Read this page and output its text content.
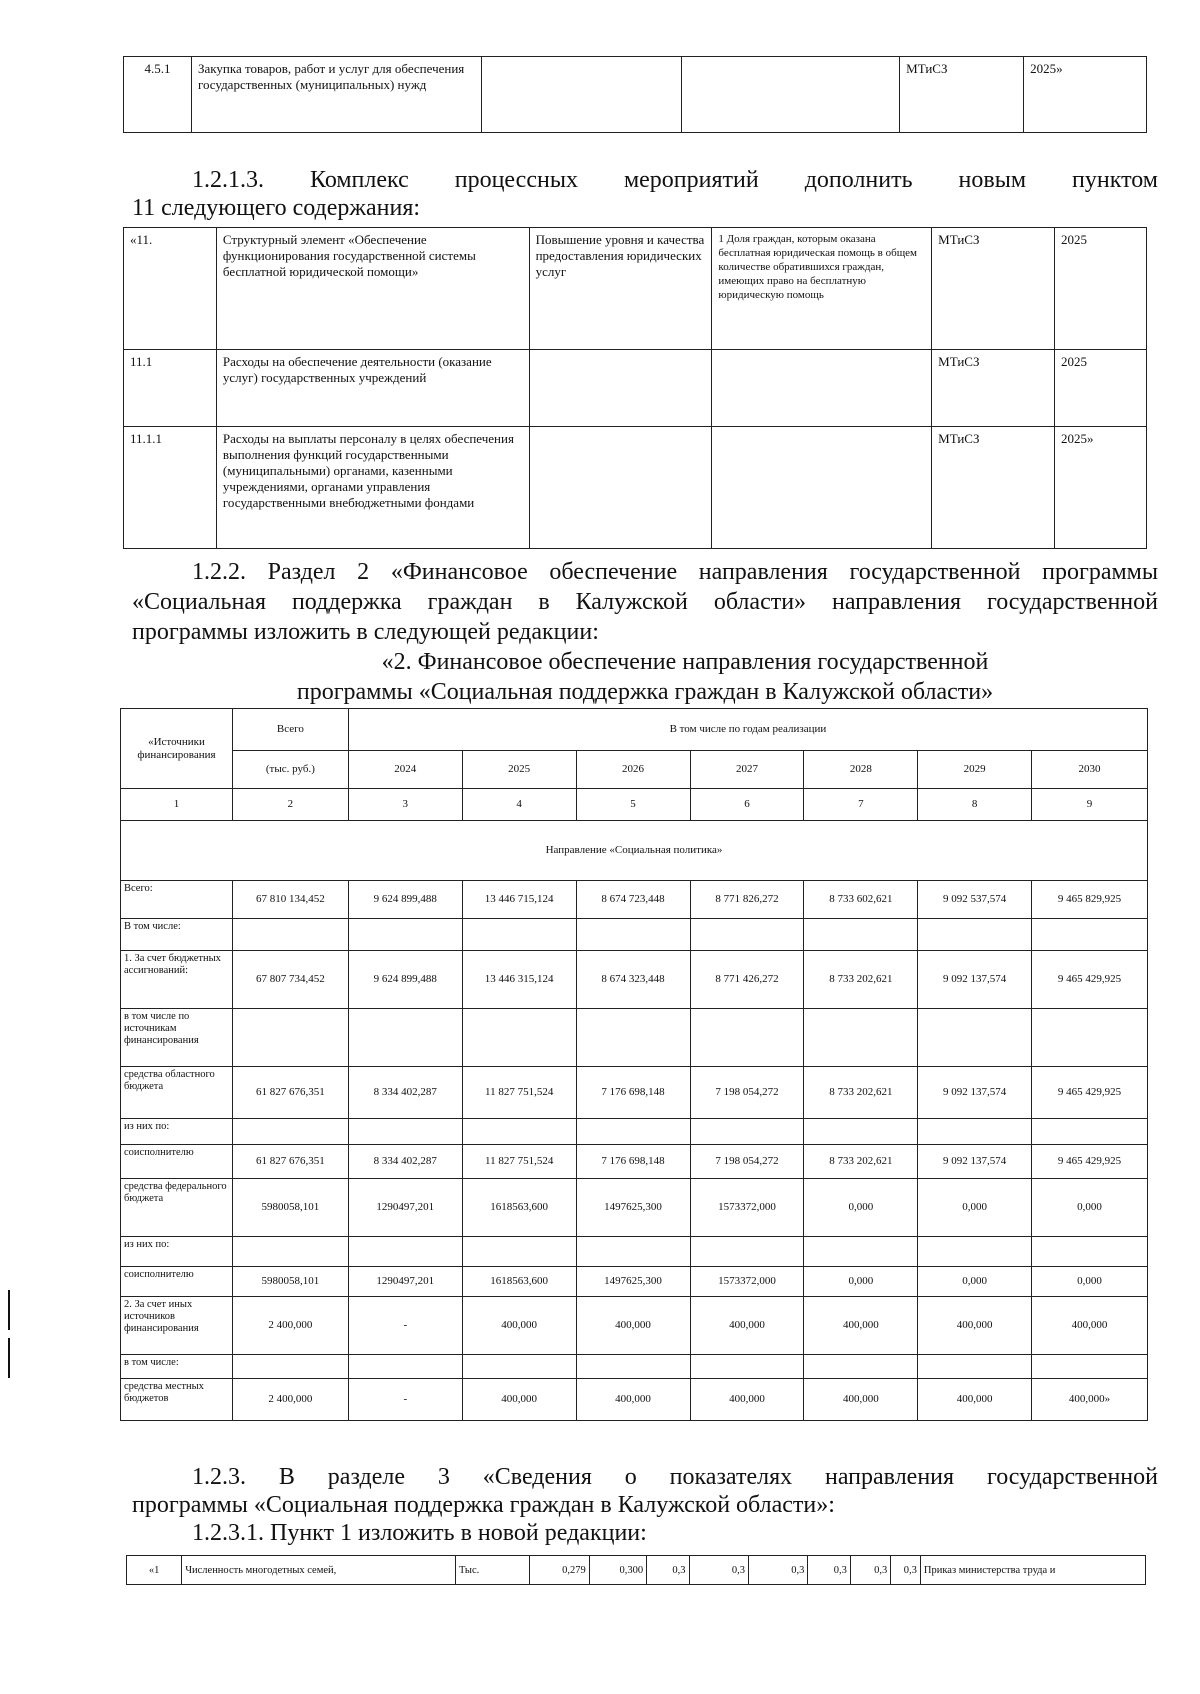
4.5.1	Закупка товаров, работ и услуг для обеспечения государственных (муниципальных) нужд			МТиСЗ	2025»

1.2.1.3. Комплекс процессных мероприятий дополнить новым пунктом

11 следующего содержания:

«11.	Структурный элемент «Обеспечение функционирования государственной системы бесплатной юридической помощи»	Повышение уровня и качества предоставления юридических услуг	1 Доля граждан, которым оказана бесплатная юридическая помощь в общем количестве обратившихся граждан, имеющих право на бесплатную юридическую помощь	МТиСЗ	2025
11.1	Расходы на обеспечение деятельности (оказание услуг) государственных учреждений			МТиСЗ	2025
11.1.1	Расходы на выплаты персоналу в целях обеспечения выполнения функций государственными (муниципальными) органами, казенными учреждениями, органами управления государственными внебюджетными фондами			МТиСЗ	2025»

1.2.2. Раздел 2 «Финансовое обеспечение направления государственной программы

«Социальная поддержка граждан в Калужской области» направления государственной

программы изложить в следующей редакции:

«2. Финансовое обеспечение направления государственной

программы «Социальная поддержка граждан в Калужской области»

«Источники финансирования	Всего	В том числе по годам реализации						
	(тыс. руб.)	2024	2025	2026	2027	2028	2029	2030
1	2	3	4	5	6	7	8	9
Направление «Социальная политика»								
Всего:	67 810 134,452	9 624 899,488	13 446 715,124	8 674 723,448	8 771 826,272	8 733 602,621	9 092 537,574	9 465 829,925
В том числе:								
1. За счет бюджетных ассигнований:	67 807 734,452	9 624 899,488	13 446 315,124	8 674 323,448	8 771 426,272	8 733 202,621	9 092 137,574	9 465 429,925
в том числе по источникам финансирования								
средства областного бюджета	61 827 676,351	8 334 402,287	11 827 751,524	7 176 698,148	7 198 054,272	8 733 202,621	9 092 137,574	9 465 429,925
из них по:								
соисполнителю	61 827 676,351	8 334 402,287	11 827 751,524	7 176 698,148	7 198 054,272	8 733 202,621	9 092 137,574	9 465 429,925
средства федерального бюджета	5980058,101	1290497,201	1618563,600	1497625,300	1573372,000	0,000	0,000	0,000
из них по:								
соисполнителю	5980058,101	1290497,201	1618563,600	1497625,300	1573372,000	0,000	0,000	0,000
2. За счет иных источников финансирования	2 400,000	-	400,000	400,000	400,000	400,000	400,000	400,000
в том числе:								
средства местных бюджетов	2 400,000	-	400,000	400,000	400,000	400,000	400,000	400,000»

1.2.3. В разделе 3 «Сведения о показателях направления государственной

программы «Социальная поддержка граждан в Калужской области»:

1.2.3.1. Пункт 1 изложить в новой редакции:

«1	Численность многодетных семей,	Тыс.	0,279	0,300	0,3	0,3	0,3	0,3	0,3	0,3	Приказ министерства труда и
